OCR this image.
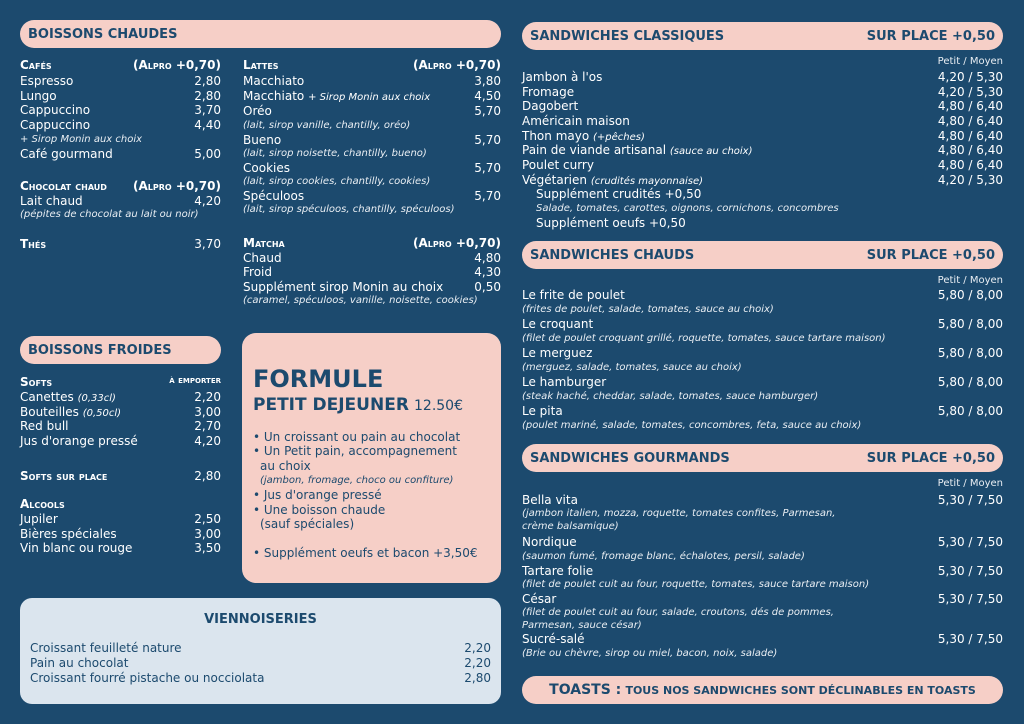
BOISSONS CHAUDES
Cafés	(Alpro +0,70)
Espresso	2,80
Lungo	2,80
Cappuccino	3,70
Cappuccino	4,40
+ Sirop Monin aux choix
Café gourmand	5,00
Chocolat chaud (Alpro +0,70)
Lait chaud	4,20
(pépites de chocolat au lait ou noir)
Thés	3,70
Lattes	(Alpro +0,70)
Macchiato	3,80
Macchiato + Sirop Monin aux choix	4,50
Oréo	5,70
(lait, sirop vanille, chantilly, oréo)
Bueno	5,70
(lait, sirop noisette, chantilly, bueno)
Cookies	5,70
(lait, sirop cookies, chantilly, cookies)
Spéculoos	5,70
(lait, sirop spéculoos, chantilly, spéculoos)
Matcha	(Alpro +0,70)
Chaud	4,80
Froid	4,30
Supplément sirop Monin au choix	0,50
(caramel, spéculoos, vanille, noisette, cookies)
BOISSONS FROIDES
Softs	à emporter
Canettes (0,33cl)	2,20
Bouteilles (0,50cl)	3,00
Red bull	2,70
Jus d'orange pressé	4,20
Softs sur place	2,80
Alcools
Jupiler	2,50
Bières spéciales	3,00
Vin blanc ou rouge	3,50
FORMULE
PETIT DEJEUNER 12.50€
• Un croissant ou pain au chocolat
• Un Petit pain, accompagnement
au choix
(jambon, fromage, choco ou confiture)
• Jus d'orange pressé
• Une boisson chaude
(sauf spéciales)
• Supplément oeufs et bacon +3,50€
VIENNOISERIES
Croissant feuilleté nature	2,20
Pain au chocolat	2,20
Croissant fourré pistache ou nocciolata	2,80
SANDWICHES CLASSIQUES	SUR PLACE +0,50
Petit / Moyen
Jambon à l'os	4,20 / 5,30
Fromage	4,20 / 5,30
Dagobert	4,80 / 6,40
Américain maison	4,80 / 6,40
Thon mayo (+pêches)	4,80 / 6,40
Pain de viande artisanal (sauce au choix)	4,80 / 6,40
Poulet curry	4,80 / 6,40
Végétarien (crudités mayonnaise)	4,20 / 5,30
Supplément crudités +0,50
Salade, tomates, carottes, oignons, cornichons, concombres
Supplément oeufs +0,50
SANDWICHES CHAUDS	SUR PLACE +0,50
Petit / Moyen
Le frite de poulet	5,80 / 8,00
(frites de poulet, salade, tomates, sauce au choix)
Le croquant	5,80 / 8,00
(filet de poulet croquant grillé, roquette, tomates, sauce tartare maison)
Le merguez	5,80 / 8,00
(merguez, salade, tomates, sauce au choix)
Le hamburger	5,80 / 8,00
(steak haché, cheddar, salade, tomates, sauce hamburger)
Le pita	5,80 / 8,00
(poulet mariné, salade, tomates, concombres, feta, sauce au choix)
SANDWICHES GOURMANDS	SUR PLACE +0,50
Petit / Moyen
Bella vita	5,30 / 7,50
(jambon italien, mozza, roquette, tomates confites, Parmesan,
crème balsamique)
Nordique	5,30 / 7,50
(saumon fumé, fromage blanc, échalotes, persil, salade)
Tartare folie	5,30 / 7,50
(filet de poulet cuit au four, roquette, tomates, sauce tartare maison)
César	5,30 / 7,50
(filet de poulet cuit au four, salade, croutons, dés de pommes,
Parmesan, sauce césar)
Sucré-salé	5,30 / 7,50
(Brie ou chèvre, sirop ou miel, bacon, noix, salade)
TOASTS : TOUS NOS SANDWICHES SONT DÉCLINABLES EN TOASTS
